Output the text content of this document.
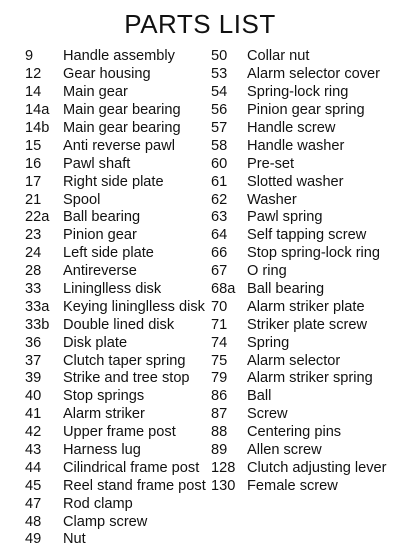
PARTS LIST
9	Handle assembly
12	Gear housing
14	Main gear
14a Main gear bearing
14b Main gear bearing
15	Anti reverse pawl
16	Pawl shaft
17	Right side plate
21	Spool
22a Ball bearing
23	Pinion gear
24	Left side plate
28	Antireverse
33	Lininglless disk
33a Keying lininglless disk
33b Double lined disk
36	Disk plate
37	Clutch taper spring
39	Strike and tree stop
40	Stop springs
41	Alarm striker
42	Upper frame post
43	Harness lug
44	Cilindrical frame post
45	Reel stand frame post
47	Rod clamp
48	Clamp screw
49	Nut
50	Collar nut
53	Alarm selector cover
54	Spring-lock ring
56	Pinion gear spring
57	Handle screw
58	Handle washer
60	Pre-set
61	Slotted washer
62	Washer
63	Pawl spring
64	Self tapping screw
66	Stop spring-lock ring
67	O ring
68a Ball bearing
70	Alarm striker plate
71	Striker plate screw
74	Spring
75	Alarm selector
79	Alarm striker spring
86	Ball
87	Screw
88	Centering pins
89	Allen screw
128 Clutch adjusting lever
130 Female screw
